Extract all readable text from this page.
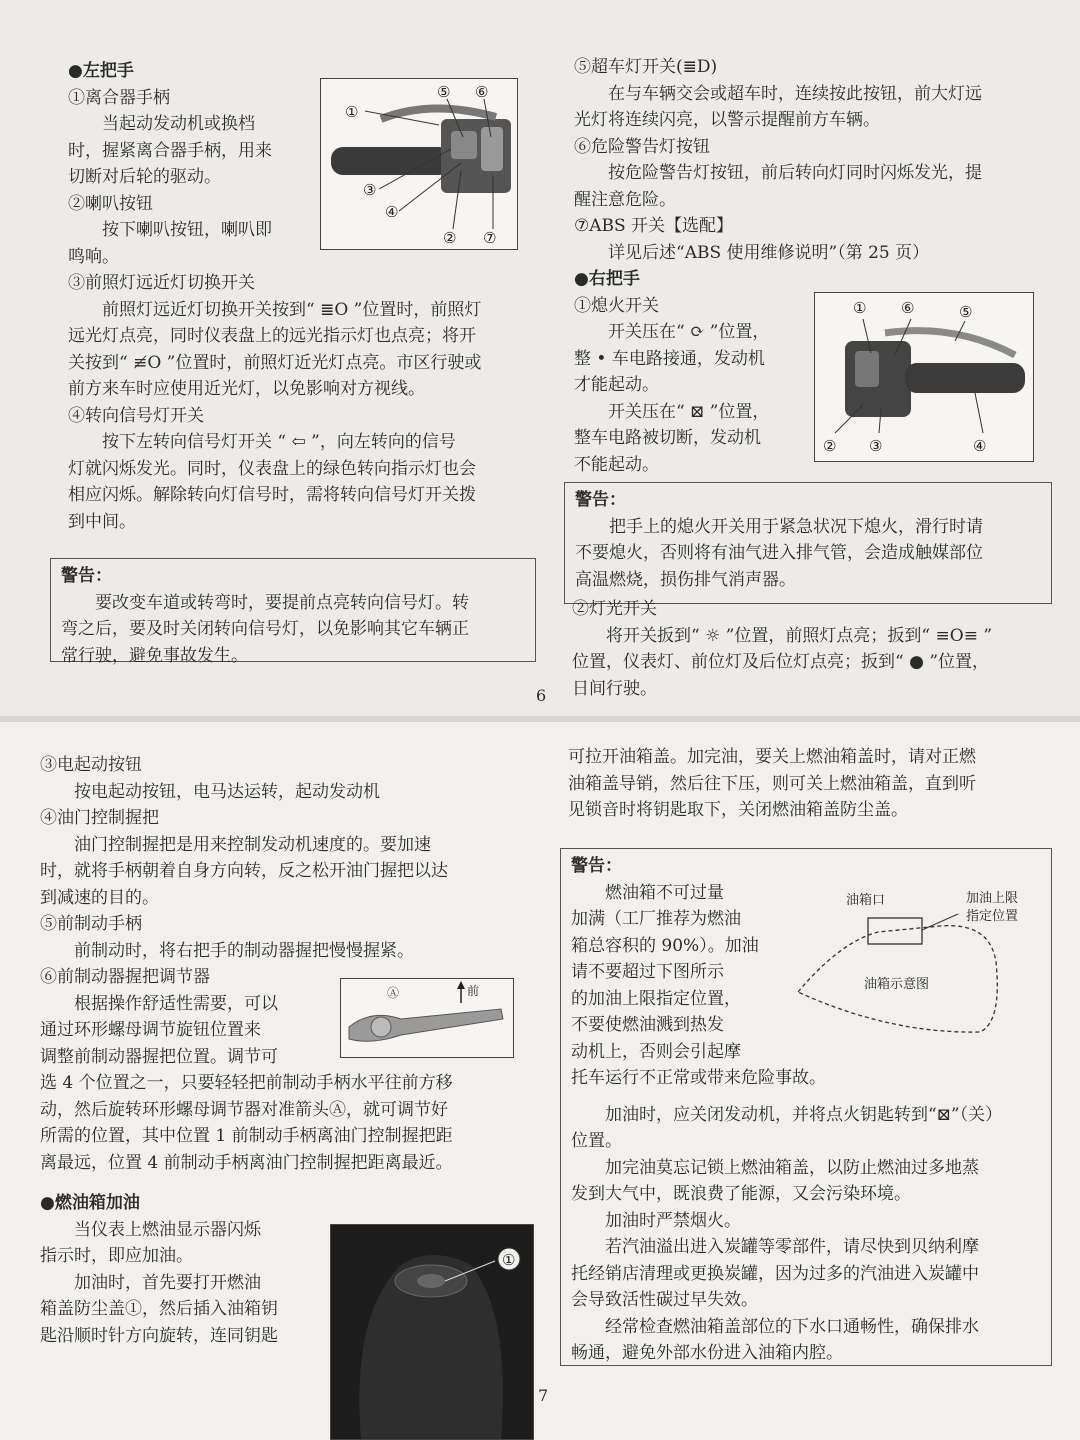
●左把手

①离合器手柄

当起动发动机或换档

时，握紧离合器手柄，用来

切断对后轮的驱动。

②喇叭按钮

按下喇叭按钮，喇叭即

鸣响。

③前照灯远近灯切换开关

前照灯远近灯切换开关按到“ ≣O ”位置时，前照灯

远光灯点亮，同时仪表盘上的远光指示灯也点亮；将开

关按到“ ≢O ”位置时，前照灯近光灯点亮。市区行驶或

前方来车时应使用近光灯，以免影响对方视线。

④转向信号灯开关

按下左转向信号灯开关 “ ⇦ ”，向左转向的信号

灯就闪烁发光。同时，仪表盘上的绿色转向指示灯也会

相应闪烁。解除转向灯信号时，需将转向信号灯开关拨

到中间。

①
⑤ ⑥
③
④
② ⑦
警告：
要改变车道或转弯时，要提前点亮转向信号灯。转
弯之后，要及时关闭转向信号灯，以免影响其它车辆正
常行驶，避免事故发生。

⑤超车灯开关(≣D)

在与车辆交会或超车时，连续按此按钮，前大灯远

光灯将连续闪亮，以警示提醒前方车辆。

⑥危险警告灯按钮

按危险警告灯按钮，前后转向灯同时闪烁发光，提

醒注意危险。

⑦ABS 开关【选配】

详见后述“ABS 使用维修说明”（第 25 页）

●右把手

①熄火开关

开关压在“ ⟳ ”位置，

整 • 车电路接通，发动机

才能起动。

开关压在“ ⊠ ”位置，

整车电路被切断，发动机

不能起动。

① ⑥	⑤
② ③	④
警告：
把手上的熄火开关用于紧急状况下熄火，滑行时请
不要熄火，否则将有油气进入排气管，会造成触媒部位
高温燃烧，损伤排气消声器。

②灯光开关

将开关扳到“ ☼ ”位置，前照灯点亮；扳到“ ≡O≡ ”

位置，仪表灯、前位灯及后位灯点亮；扳到“ ● ”位置，

日间行驶。

6

③电起动按钮

按电起动按钮，电马达运转，起动发动机

④油门控制握把

油门控制握把是用来控制发动机速度的。要加速

时，就将手柄朝着自身方向转，反之松开油门握把以达

到减速的目的。

⑤前制动手柄

前制动时，将右把手的制动器握把慢慢握紧。

⑥前制动器握把调节器

根据操作舒适性需要，可以

通过环形螺母调节旋钮位置来

调整前制动器握把位置。调节可

选 4 个位置之一，只要轻轻把前制动手柄水平往前方移

动，然后旋转环形螺母调节器对准箭头Ⓐ，就可调节好

所需的位置，其中位置 1 前制动手柄离油门控制握把距

离最远，位置 4 前制动手柄离油门控制握把距离最近。

●燃油箱加油

当仪表上燃油显示器闪烁

指示时，即应加油。

加油时，首先要打开燃油

箱盖防尘盖①，然后插入油箱钥

匙沿顺时针方向旋转，连同钥匙

Ⓐ	前
①

可拉开油箱盖。加完油，要关上燃油箱盖时，请对正燃

油箱盖导销，然后往下压，则可关上燃油箱盖，直到听

见锁音时将钥匙取下，关闭燃油箱盖防尘盖。

警告：
燃油箱不可过量
加满（工厂推荐为燃油
箱总容积的 90%）。加油
请不要超过下图所示
的加油上限指定位置，
不要使燃油溅到热发
动机上，否则会引起摩
托车运行不正常或带来危险事故。
加油时，应关闭发动机，并将点火钥匙转到“⊠”（关）
位置。
加完油莫忘记锁上燃油箱盖，以防止燃油过多地蒸
发到大气中，既浪费了能源，又会污染环境。
加油时严禁烟火。
若汽油溢出进入炭罐等零部件，请尽快到贝纳利摩
托经销店清理或更换炭罐，因为过多的汽油进入炭罐中
会导致活性碳过早失效。
经常检查燃油箱盖部位的下水口通畅性，确保排水
畅通，避免外部水份进入油箱内腔。
油箱口	加油上限
指定位置
油箱示意图
7
